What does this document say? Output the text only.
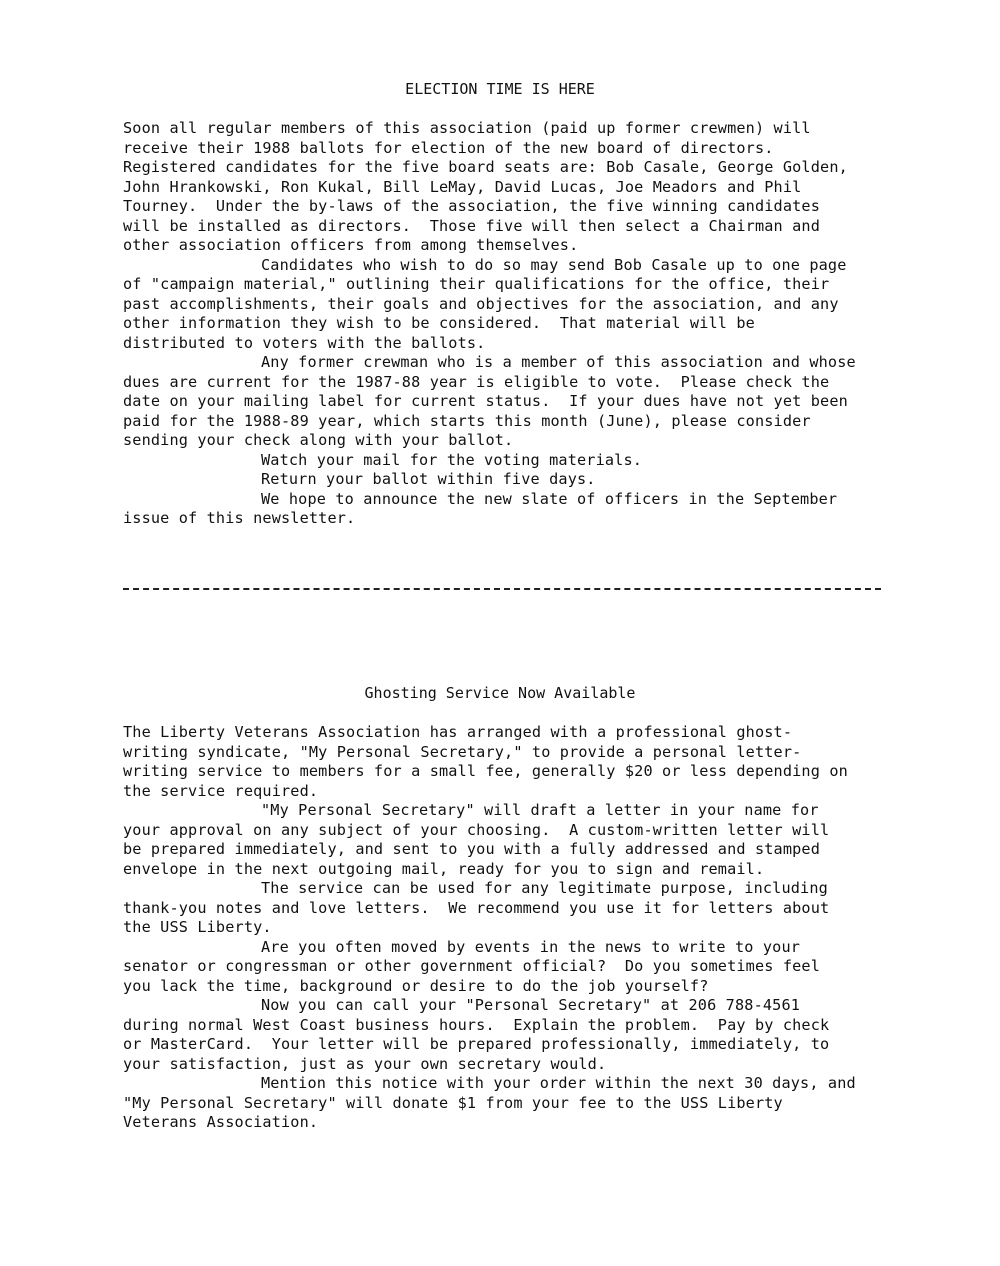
ELECTION TIME IS HERE
Soon all regular members of this association (paid up former crewmen) will
receive their 1988 ballots for election of the new board of directors.
Registered candidates for the five board seats are: Bob Casale, George Golden,
John Hrankowski, Ron Kukal, Bill LeMay, David Lucas, Joe Meadors and Phil
Tourney.  Under the by-laws of the association, the five winning candidates
will be installed as directors.  Those five will then select a Chairman and
other association officers from among themselves.
Candidates who wish to do so may send Bob Casale up to one page
of "campaign material," outlining their qualifications for the office, their
past accomplishments, their goals and objectives for the association, and any
other information they wish to be considered.  That material will be
distributed to voters with the ballots.
Any former crewman who is a member of this association and whose
dues are current for the 1987-88 year is eligible to vote.  Please check the
date on your mailing label for current status.  If your dues have not yet been
paid for the 1988-89 year, which starts this month (June), please consider
sending your check along with your ballot.
Watch your mail for the voting materials.
Return your ballot within five days.
We hope to announce the new slate of officers in the September
issue of this newsletter.
Ghosting Service Now Available
The Liberty Veterans Association has arranged with a professional ghost-
writing syndicate, "My Personal Secretary," to provide a personal letter-
writing service to members for a small fee, generally $20 or less depending on
the service required.
"My Personal Secretary" will draft a letter in your name for
your approval on any subject of your choosing.  A custom-written letter will
be prepared immediately, and sent to you with a fully addressed and stamped
envelope in the next outgoing mail, ready for you to sign and remail.
The service can be used for any legitimate purpose, including
thank-you notes and love letters.  We recommend you use it for letters about
the USS Liberty.
Are you often moved by events in the news to write to your
senator or congressman or other government official?  Do you sometimes feel
you lack the time, background or desire to do the job yourself?
Now you can call your "Personal Secretary" at 206 788-4561
during normal West Coast business hours.  Explain the problem.  Pay by check
or MasterCard.  Your letter will be prepared professionally, immediately, to
your satisfaction, just as your own secretary would.
Mention this notice with your order within the next 30 days, and
"My Personal Secretary" will donate $1 from your fee to the USS Liberty
Veterans Association.
